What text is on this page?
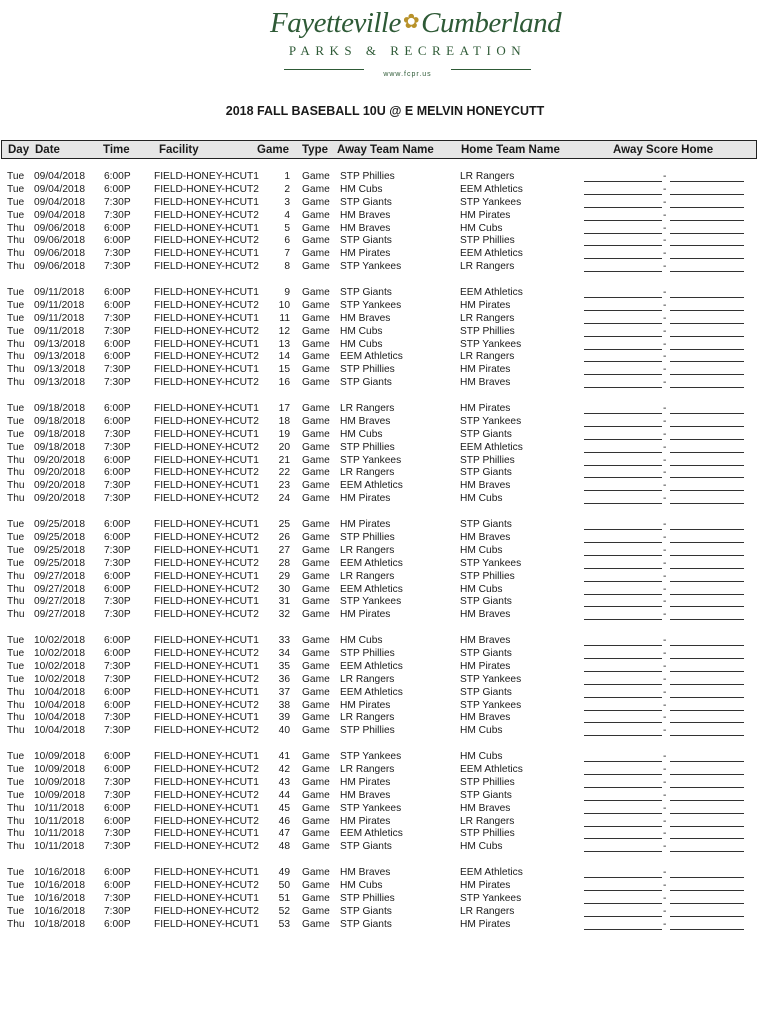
Fayetteville ✿Cumberland
PARKS & RECREATION
www.fcpr.us
2018 FALL BASEBALL 10U @ E MELVIN HONEYCUTT
Day Date	Time	Facility	Game Type Away Team Name Home Team Name	Away Score Home
Tue 09/04/2018 6:00P FIELD-HONEY-HCUT1	1 Game STP Phillies	LR Rangers	-
Tue 09/04/2018 6:00P FIELD-HONEY-HCUT2	2 Game HM Cubs	EEM Athletics	-
Tue 09/04/2018 7:30P FIELD-HONEY-HCUT1	3 Game STP Giants	STP Yankees	-
Tue 09/04/2018 7:30P FIELD-HONEY-HCUT2	4 Game HM Braves	HM Pirates	-
Thu 09/06/2018 6:00P FIELD-HONEY-HCUT1	5 Game HM Braves	HM Cubs	-
Thu 09/06/2018 6:00P FIELD-HONEY-HCUT2	6 Game STP Giants	STP Phillies	-
Thu 09/06/2018 7:30P FIELD-HONEY-HCUT1	7 Game HM Pirates	EEM Athletics	-
Thu 09/06/2018 7:30P FIELD-HONEY-HCUT2	8 Game STP Yankees	LR Rangers	-
Tue 09/11/2018 6:00P FIELD-HONEY-HCUT1	9 Game STP Giants	EEM Athletics	-
Tue 09/11/2018 6:00P FIELD-HONEY-HCUT2	10 Game STP Yankees	HM Pirates	-
Tue 09/11/2018 7:30P FIELD-HONEY-HCUT1	11 Game HM Braves	LR Rangers	-
Tue 09/11/2018 7:30P FIELD-HONEY-HCUT2	12 Game HM Cubs	STP Phillies	-
Thu 09/13/2018 6:00P FIELD-HONEY-HCUT1	13 Game HM Cubs	STP Yankees	-
Thu 09/13/2018 6:00P FIELD-HONEY-HCUT2	14 Game EEM Athletics	LR Rangers	-
Thu 09/13/2018 7:30P FIELD-HONEY-HCUT1	15 Game STP Phillies	HM Pirates	-
Thu 09/13/2018 7:30P FIELD-HONEY-HCUT2	16 Game STP Giants	HM Braves	-
Tue 09/18/2018 6:00P FIELD-HONEY-HCUT1	17 Game LR Rangers	HM Pirates	-
Tue 09/18/2018 6:00P FIELD-HONEY-HCUT2	18 Game HM Braves	STP Yankees	-
Tue 09/18/2018 7:30P FIELD-HONEY-HCUT1	19 Game HM Cubs	STP Giants	-
Tue 09/18/2018 7:30P FIELD-HONEY-HCUT2	20 Game STP Phillies	EEM Athletics	-
Thu 09/20/2018 6:00P FIELD-HONEY-HCUT1	21 Game STP Yankees	STP Phillies	-
Thu 09/20/2018 6:00P FIELD-HONEY-HCUT2	22 Game LR Rangers	STP Giants	-
Thu 09/20/2018 7:30P FIELD-HONEY-HCUT1	23 Game EEM Athletics	HM Braves	-
Thu 09/20/2018 7:30P FIELD-HONEY-HCUT2	24 Game HM Pirates	HM Cubs	-
Tue 09/25/2018 6:00P FIELD-HONEY-HCUT1	25 Game HM Pirates	STP Giants	-
Tue 09/25/2018 6:00P FIELD-HONEY-HCUT2	26 Game STP Phillies	HM Braves	-
Tue 09/25/2018 7:30P FIELD-HONEY-HCUT1	27 Game LR Rangers	HM Cubs	-
Tue 09/25/2018 7:30P FIELD-HONEY-HCUT2	28 Game EEM Athletics	STP Yankees	-
Thu 09/27/2018 6:00P FIELD-HONEY-HCUT1	29 Game LR Rangers	STP Phillies	-
Thu 09/27/2018 6:00P FIELD-HONEY-HCUT2	30 Game EEM Athletics	HM Cubs	-
Thu 09/27/2018 7:30P FIELD-HONEY-HCUT1	31 Game STP Yankees	STP Giants	-
Thu 09/27/2018 7:30P FIELD-HONEY-HCUT2	32 Game HM Pirates	HM Braves	-
Tue 10/02/2018 6:00P FIELD-HONEY-HCUT1	33 Game HM Cubs	HM Braves	-
Tue 10/02/2018 6:00P FIELD-HONEY-HCUT2	34 Game STP Phillies	STP Giants	-
Tue 10/02/2018 7:30P FIELD-HONEY-HCUT1	35 Game EEM Athletics	HM Pirates	-
Tue 10/02/2018 7:30P FIELD-HONEY-HCUT2	36 Game LR Rangers	STP Yankees	-
Thu 10/04/2018 6:00P FIELD-HONEY-HCUT1	37 Game EEM Athletics	STP Giants	-
Thu 10/04/2018 6:00P FIELD-HONEY-HCUT2	38 Game HM Pirates	STP Yankees	-
Thu 10/04/2018 7:30P FIELD-HONEY-HCUT1	39 Game LR Rangers	HM Braves	-
Thu 10/04/2018 7:30P FIELD-HONEY-HCUT2	40 Game STP Phillies	HM Cubs	-
Tue 10/09/2018 6:00P FIELD-HONEY-HCUT1	41 Game STP Yankees	HM Cubs	-
Tue 10/09/2018 6:00P FIELD-HONEY-HCUT2	42 Game LR Rangers	EEM Athletics	-
Tue 10/09/2018 7:30P FIELD-HONEY-HCUT1	43 Game HM Pirates	STP Phillies	-
Tue 10/09/2018 7:30P FIELD-HONEY-HCUT2	44 Game HM Braves	STP Giants	-
Thu 10/11/2018 6:00P FIELD-HONEY-HCUT1	45 Game STP Yankees	HM Braves	-
Thu 10/11/2018 6:00P FIELD-HONEY-HCUT2	46 Game HM Pirates	LR Rangers	-
Thu 10/11/2018 7:30P FIELD-HONEY-HCUT1	47 Game EEM Athletics	STP Phillies	-
Thu 10/11/2018 7:30P FIELD-HONEY-HCUT2	48 Game STP Giants	HM Cubs	-
Tue 10/16/2018 6:00P FIELD-HONEY-HCUT1	49 Game HM Braves	EEM Athletics	-
Tue 10/16/2018 6:00P FIELD-HONEY-HCUT2	50 Game HM Cubs	HM Pirates	-
Tue 10/16/2018 7:30P FIELD-HONEY-HCUT1	51 Game STP Phillies	STP Yankees	-
Tue 10/16/2018 7:30P FIELD-HONEY-HCUT2	52 Game STP Giants	LR Rangers	-
Thu 10/18/2018 6:00P FIELD-HONEY-HCUT1	53 Game STP Giants	HM Pirates	-
